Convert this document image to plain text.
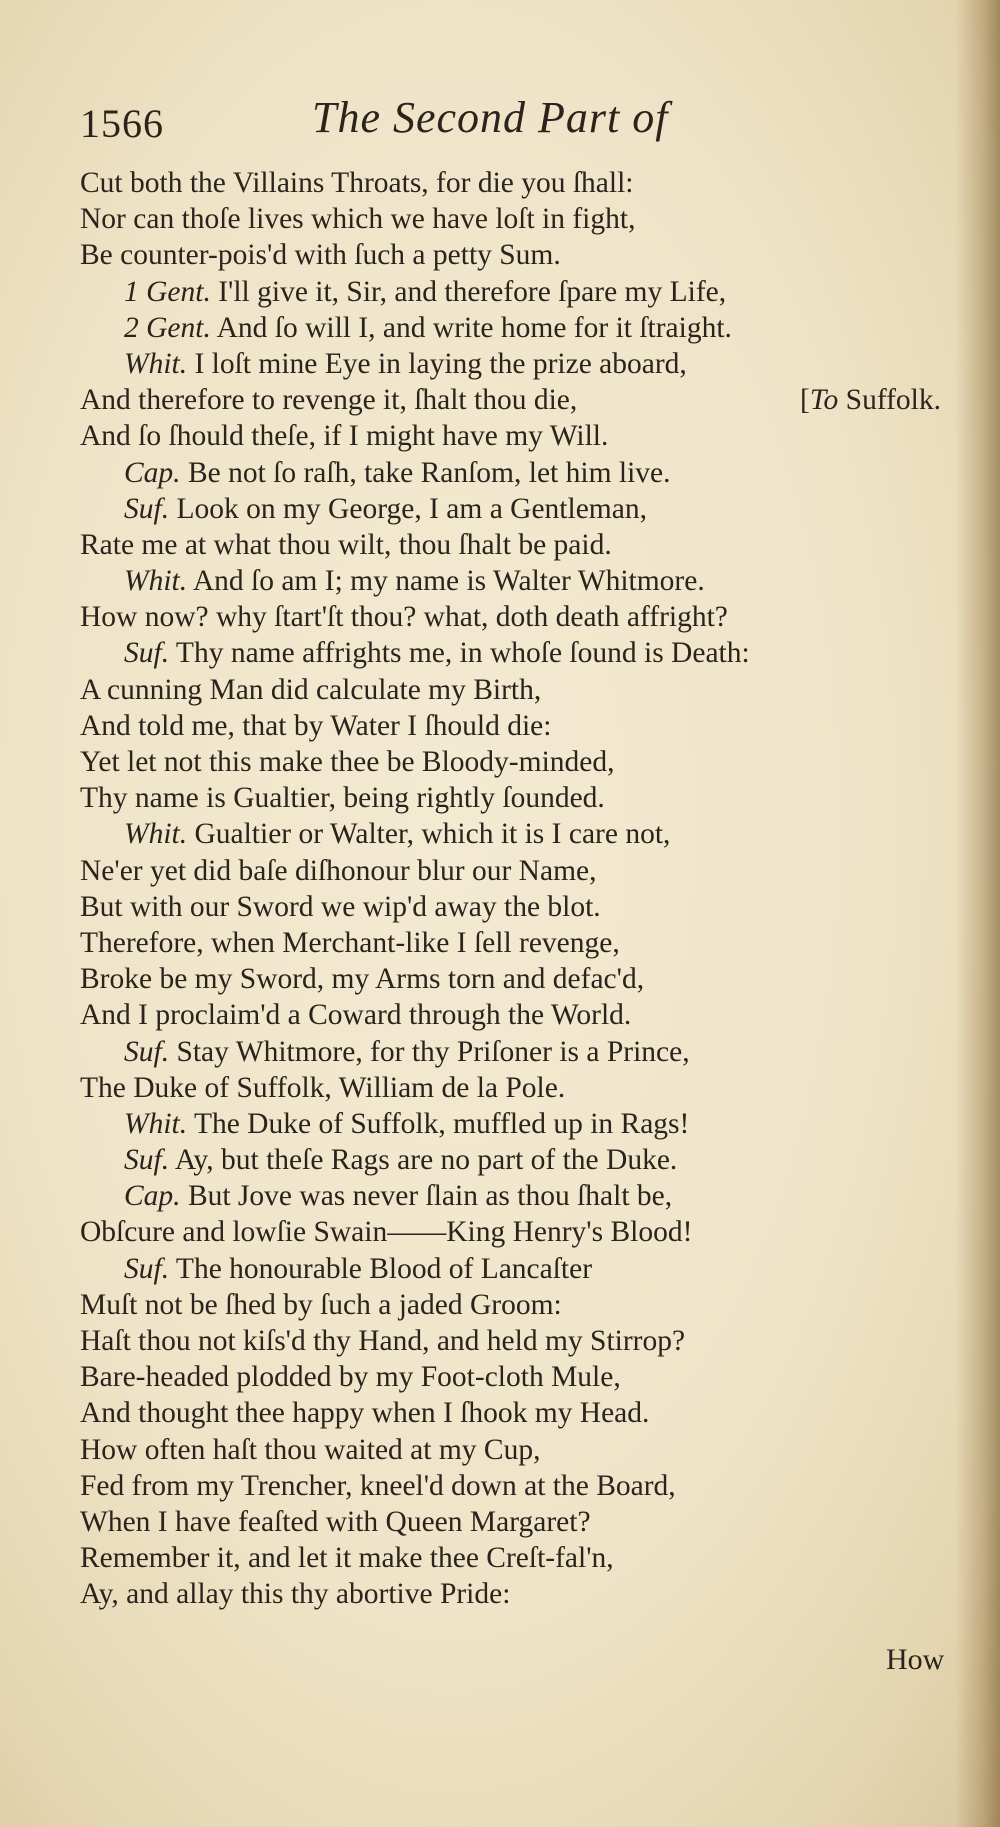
1566	The Second Part of
Cut both the Villains Throats, for die you ſhall:
Nor can thoſe lives which we have loſt in fight,
Be counter-pois'd with ſuch a petty Sum.
1 Gent. I'll give it, Sir, and therefore ſpare my Life,
2 Gent. And ſo will I, and write home for it ſtraight.
Whit. I loſt mine Eye in laying the prize aboard,
And therefore to revenge it, ſhalt thou die,	[To Suffolk.
And ſo ſhould theſe, if I might have my Will.
Cap. Be not ſo raſh, take Ranſom, let him live.
Suf. Look on my George, I am a Gentleman,
Rate me at what thou wilt, thou ſhalt be paid.
Whit. And ſo am I; my name is Walter Whitmore.
How now? why ſtart'ſt thou? what, doth death affright?
Suf. Thy name affrights me, in whoſe ſound is Death:
A cunning Man did calculate my Birth,
And told me, that by Water I ſhould die:
Yet let not this make thee be Bloody-minded,
Thy name is Gualtier, being rightly ſounded.
Whit. Gualtier or Walter, which it is I care not,
Ne'er yet did baſe diſhonour blur our Name,
But with our Sword we wip'd away the blot.
Therefore, when Merchant-like I ſell revenge,
Broke be my Sword, my Arms torn and defac'd,
And I proclaim'd a Coward through the World.
Suf. Stay Whitmore, for thy Priſoner is a Prince,
The Duke of Suffolk, William de la Pole.
Whit. The Duke of Suffolk, muffled up in Rags!
Suf. Ay, but theſe Rags are no part of the Duke.
Cap. But Jove was never ſlain as thou ſhalt be,
Obſcure and lowſie Swain——King Henry's Blood!
Suf. The honourable Blood of Lancaſter
Muſt not be ſhed by ſuch a jaded Groom:
Haſt thou not kiſs'd thy Hand, and held my Stirrop?
Bare-headed plodded by my Foot-cloth Mule,
And thought thee happy when I ſhook my Head.
How often haſt thou waited at my Cup,
Fed from my Trencher, kneel'd down at the Board,
When I have feaſted with Queen Margaret?
Remember it, and let it make thee Creſt-fal'n,
Ay, and allay this thy abortive Pride:
How
